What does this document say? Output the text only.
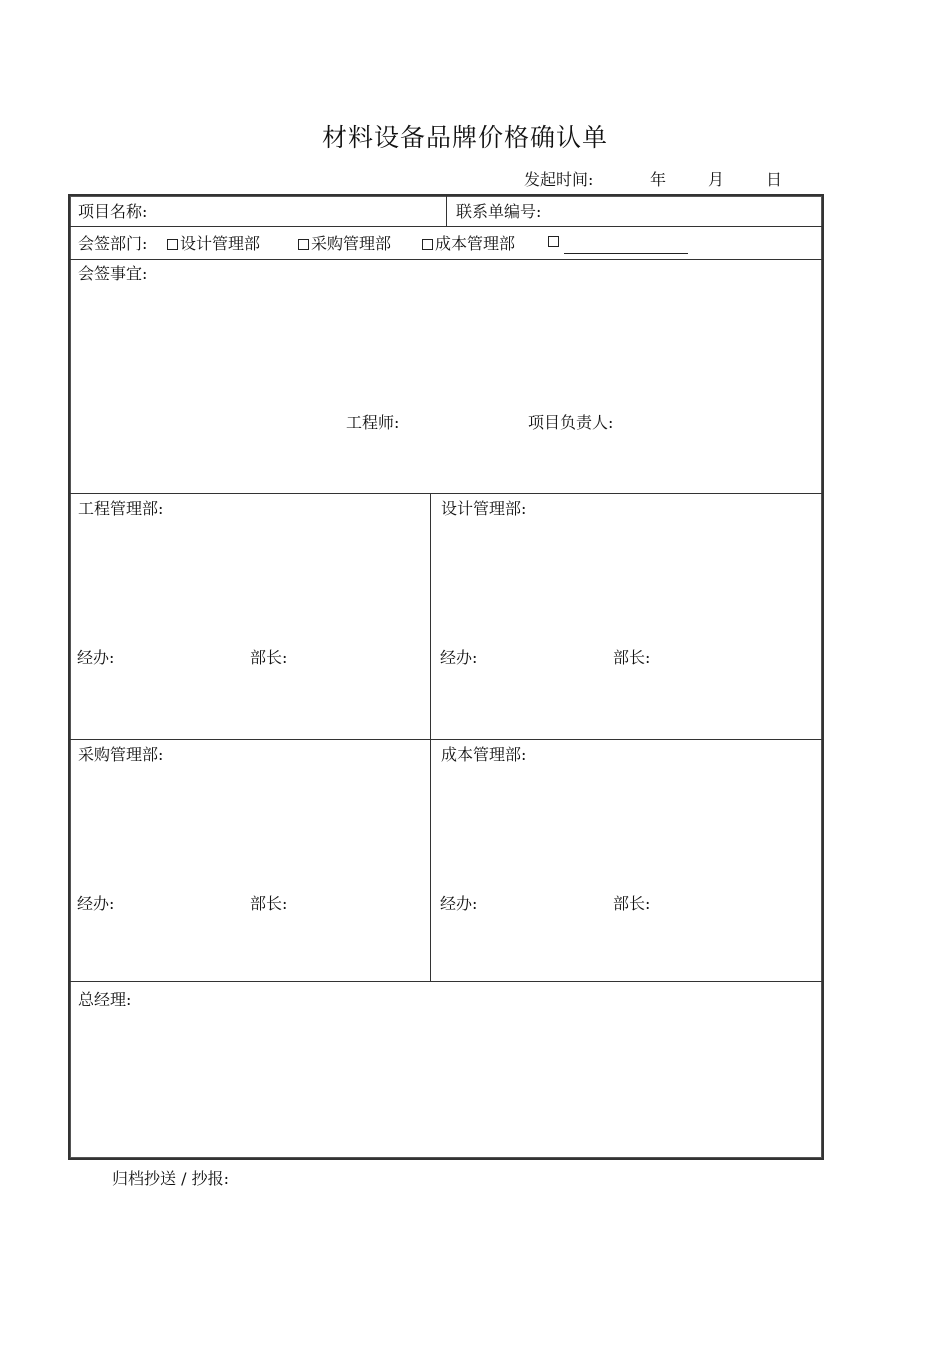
材料设备品牌价格确认单
发起时间:	年	月	日
项目名称:	联系单编号:
会签部门:	设计管理部	采购管理部	成本管理部
会签事宜:
工程师:	项目负责人:
工程管理部:
经办:	部长:
设计管理部:
经办:	部长:
采购管理部:
经办:	部长:
成本管理部:
经办:	部长:
总经理:
归档抄送 / 抄报:
